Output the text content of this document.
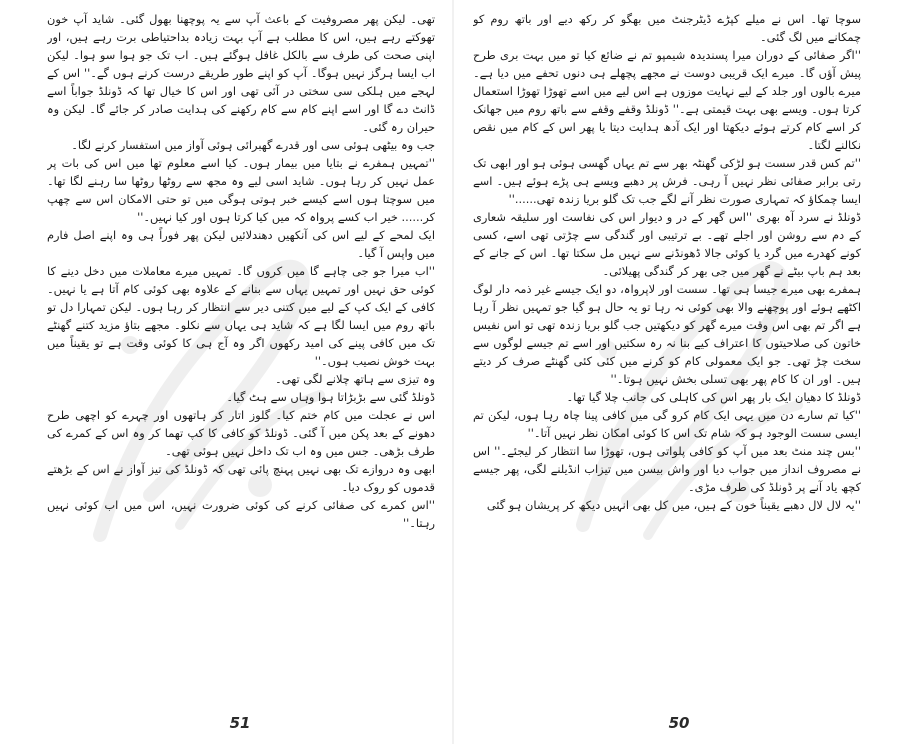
تھی۔ لیکن پھر مصروفیت کے باعث آپ سے یہ پوچھنا بھول گئی۔ شاید آپ خون تھوکتے رہے ہیں، اس کا مطلب ہے آپ بہت زیادہ بداحتیاطی برت رہے ہیں، اور اپنی صحت کی طرف سے بالکل غافل ہوگئے ہیں۔ اب تک جو ہوا سو ہوا۔ لیکن اب ایسا ہرگز نہیں ہوگا۔ آپ کو اپنے طور طریقے درست کرنے ہوں گے۔'' اس کے لہجے میں ہلکی سی سختی در آئی تھی اور اس کا خیال تھا کہ ڈونلڈ جواباً اسے ڈانٹ دے گا اور اسے اپنے کام سے کام رکھنے کی ہدایت صادر کر جائے گا۔ لیکن وہ حیران رہ گئی۔

جب وہ بیٹھی ہوئی سی اور قدرے گھبرائی ہوئی آواز میں استفسار کرنے لگا۔

''تمہیں ہمفرے نے بتایا میں بیمار ہوں۔ کیا اسے معلوم تھا میں اس کی بات پر عمل نہیں کر رہا ہوں۔ شاید اسی لیے وہ مجھ سے روٹھا روٹھا سا رہنے لگا تھا۔ میں سوچتا ہوں اسے کیسے خبر ہوتی ہوگی میں تو حتی الامکان اس سے چھپ کر...... خیر اب کسے پرواہ کہ میں کیا کرتا ہوں اور کیا نہیں۔''

ایک لمحے کے لیے اس کی آنکھیں دھندلائیں لیکن پھر فوراً ہی وہ اپنے اصل فارم میں واپس آ گیا۔

''اب میرا جو جی چاہے گا میں کروں گا۔ تمہیں میرے معاملات میں دخل دینے کا کوئی حق نہیں اور تمہیں یہاں سے بنانے کے علاوہ بھی کوئی کام آتا ہے یا نہیں۔ کافی کے ایک کپ کے لیے میں کتنی دیر سے انتظار کر رہا ہوں۔ لیکن تمہارا دل تو باتھ روم میں ایسا لگا ہے کہ شاید ہی یہاں سے نکلو۔ مجھے بتاؤ مزید کتنے گھنٹے تک میں کافی پینے کی امید رکھوں اگر وہ آج ہی کا کوئی وقت ہے تو یقیناً میں بہت خوش نصیب ہوں۔''

وہ تیزی سے ہاتھ چلانے لگی تھی۔

ڈونلڈ گئی سے بڑبڑاتا ہوا وہاں سے ہٹ گیا۔

اس نے عجلت میں کام ختم کیا۔ گلوز اتار کر ہاتھوں اور چہرے کو اچھی طرح دھونے کے بعد پکن میں آ گئی۔ ڈونلڈ کو کافی کا کپ تھما کر وہ اس کے کمرے کی طرف بڑھی۔ جس میں وہ اب تک داخل نہیں ہوئی تھی۔

ابھی وہ دروازے تک بھی نہیں پہنچ پائی تھی کہ ڈونلڈ کی تیز آواز نے اس کے بڑھتے قدموں کو روک دیا۔

''اس کمرے کی صفائی کرنے کی کوئی ضرورت نہیں، اس میں اب کوئی نہیں رہتا۔''

51

سوچا تھا۔ اس نے میلے کپڑے ڈیٹرجنٹ میں بھگو کر رکھ دیے اور باتھ روم کو چمکانے میں لگ گئی۔

''اگر صفائی کے دوران میرا پسندیدہ شیمپو تم نے ضائع کیا تو میں بہت بری طرح پیش آؤں گا۔ میرے ایک قریبی دوست نے مجھے پچھلے ہی دنوں تحفے میں دیا ہے۔ میرے بالوں اور جلد کے لیے نہایت موزوں ہے اس لیے میں اسے تھوڑا تھوڑا استعمال کرتا ہوں۔ ویسے بھی بہت قیمتی ہے۔'' ڈونلڈ وقفے وقفے سے باتھ روم میں جھانک کر اسے کام کرتے ہوئے دیکھتا اور ایک آدھ ہدایت دیتا یا پھر اس کے کام میں نقص نکالنے لگتا۔

''تم کس قدر سست ہو لڑکی گھنٹہ بھر سے تم یہاں گھسی ہوئی ہو اور ابھی تک رتی برابر صفائی نظر نہیں آ رہی۔ فرش پر دھبے ویسے ہی پڑے ہوئے ہیں۔ اسے ایسا چمکاؤ کہ تمہاری صورت نظر آنے لگے جب تک گلو بریا زندہ تھی......''

ڈونلڈ نے سرد آہ بھری ''اس گھر کے در و دیوار اس کی نفاست اور سلیقہ شعاری کے دم سے روشن اور اجلے تھے۔ بے ترتیبی اور گندگی سے چڑتی تھی اسے، کسی کونے کھدرے میں گرد یا کوئی جالا ڈھونڈنے سے نہیں مل سکتا تھا۔ اس کے جانے کے بعد ہم باپ بیٹے نے گھر میں جی بھر کر گندگی پھیلائی۔

ہمفرے بھی میرے جیسا ہی تھا۔ سست اور لاپرواہ، دو ایک جیسے غیر ذمہ دار لوگ اکٹھے ہوئے اور پوچھنے والا بھی کوئی نہ رہا تو یہ حال ہو گیا جو تمہیں نظر آ رہا ہے اگر تم بھی اس وقت میرے گھر کو دیکھتیں جب گلو بریا زندہ تھی تو اس نفیس خاتون کی صلاحیتوں کا اعتراف کیے بنا نہ رہ سکتیں اور اسے تم جیسے لوگوں سے سخت چڑ تھی۔ جو ایک معمولی کام کو کرنے میں کئی کئی گھنٹے صرف کر دیتے ہیں۔ اور ان کا کام پھر بھی تسلی بخش نہیں ہوتا۔''

ڈونلڈ کا دھیان ایک بار پھر اس کی کاہلی کی جانب چلا گیا تھا۔

''کیا تم سارے دن میں یہی ایک کام کرو گی میں کافی پینا چاہ رہا ہوں، لیکن تم ایسی سست الوجود ہو کہ شام تک اس کا کوئی امکان نظر نہیں آتا۔''

''بس چند منٹ بعد میں آپ کو کافی پلواتی ہوں، تھوڑا سا انتظار کر لیجئے۔'' اس نے مصروف انداز میں جواب دیا اور واش بیسن میں تیزاب انڈیلنے لگی، پھر جیسے کچھ یاد آنے پر ڈونلڈ کی طرف مڑی۔

''یہ لال لال دھبے یقیناً خون کے ہیں، میں کل بھی انہیں دیکھ کر پریشان ہو گئی

50
